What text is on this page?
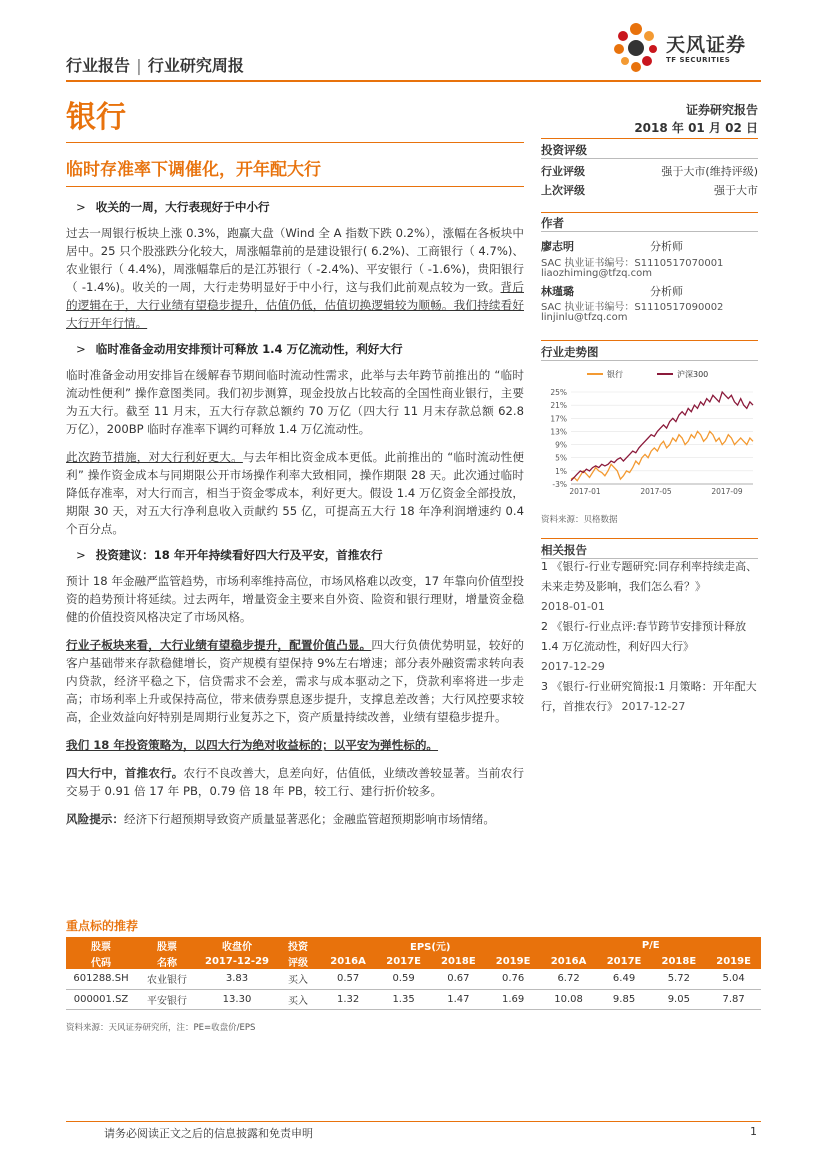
行业报告 | 行业研究周报
银行
天风证券
TF SECURITIES
证券研究报告
2018 年 01 月 02 日
临时存准率下调催化，开年配大行
> 收关的一周，大行表现好于中小行

过去一周银行板块上涨 0.3%，跑赢大盘（Wind 全 A 指数下跌 0.2%），涨幅在各板块中居中。25 只个股涨跌分化较大，周涨幅靠前的是建设银行( 6.2%)、工商银行（ 4.7%)、农业银行（ 4.4%)，周涨幅靠后的是江苏银行（ -2.4%)、平安银行（ -1.6%)，贵阳银行（ -1.4%)。收关的一周，大行走势明显好于中小行，这与我们此前观点较为一致。背后的逻辑在于，大行业绩有望稳步提升，估值仍低，估值切换逻辑较为顺畅。我们持续看好大行开年行情。

> 临时准备金动用安排预计可释放 1.4 万亿流动性，利好大行

临时准备金动用安排旨在缓解春节期间临时流动性需求，此举与去年跨节前推出的 “临时流动性便利” 操作意图类同。我们初步测算，现金投放占比较高的全国性商业银行，主要为五大行。截至 11 月末，五大行存款总额约 70 万亿（四大行 11 月末存款总额 62.8 万亿），200BP 临时存准率下调约可释放 1.4 万亿流动性。

此次跨节措施，对大行利好更大。与去年相比资金成本更低。此前推出的 “临时流动性便利” 操作资金成本与同期限公开市场操作利率大致相同，操作期限 28 天。此次通过临时降低存准率，对大行而言，相当于资金零成本，利好更大。假设 1.4 万亿资金全部投放，期限 30 天，对五大行净利息收入贡献约 55 亿，可提高五大行 18 年净利润增速约 0.4 个百分点。

> 投资建议：18 年开年持续看好四大行及平安，首推农行

预计 18 年金融严监管趋势，市场利率维持高位，市场风格难以改变，17 年靠向价值型投资的趋势预计将延续。过去两年，增量资金主要来自外资、险资和银行理财，增量资金稳健的价值投资风格决定了市场风格。

行业子板块来看，大行业绩有望稳步提升，配置价值凸显。四大行负债优势明显，较好的客户基础带来存款稳健增长，资产规模有望保持 9%左右增速；部分表外融资需求转向表内贷款，经济平稳之下，信贷需求不会差，需求与成本驱动之下，贷款利率将进一步走高；市场利率上升或保持高位，带来债券票息逐步提升，支撑息差改善；大行风控要求较高，企业效益向好特别是周期行业复苏之下，资产质量持续改善，业绩有望稳步提升。

我们 18 年投资策略为，以四大行为绝对收益标的；以平安为弹性标的。

四大行中，首推农行。农行不良改善大，息差向好，估值低，业绩改善较显著。当前农行交易于 0.91 倍 17 年 PB，0.79 倍 18 年 PB，较工行、建行折价较多。

风险提示：经济下行超预期导致资产质量显著恶化；金融监管超预期影响市场情绪。

投资评级
行业评级	强于大市(维持评级)
上次评级	强于大市
作者
廖志明	分析师
SAC 执业证书编号：S1110517070001
liaozhiming@tfzq.com
林瑾璐	分析师
SAC 执业证书编号：S1110517090002
linjinlu@tfzq.com
行业走势图
-3%
1%
5%
9%
13%
17%
21%
25%
2017-01	2017-05	2017-09
银行	沪深300
资料来源：贝格数据
相关报告
1 《银行-行业专题研究:同存利率持续走高、未来走势及影响，我们怎么看？》
2018-01-01
2 《银行-行业点评:春节跨节安排预计释放 1.4 万亿流动性，利好四大行》
2017-12-29
3 《银行-行业研究简报:1 月策略：开年配大行，首推农行》 2017-12-27
重点标的推荐
股票	股票	收盘价	投资	EPS(元)				P/E			
代码	名称	2017-12-29	评级	2016A	2017E	2018E	2019E	2016A	2017E	2018E	2019E
601288.SH	农业银行	3.83	买入	0.57	0.59	0.67	0.76	6.72	6.49	5.72	5.04
000001.SZ	平安银行	13.30	买入	1.32	1.35	1.47	1.69	10.08	9.85	9.05	7.87
资料来源：天风证券研究所，注：PE=收盘价/EPS
请务必阅读正文之后的信息披露和免责申明	1
